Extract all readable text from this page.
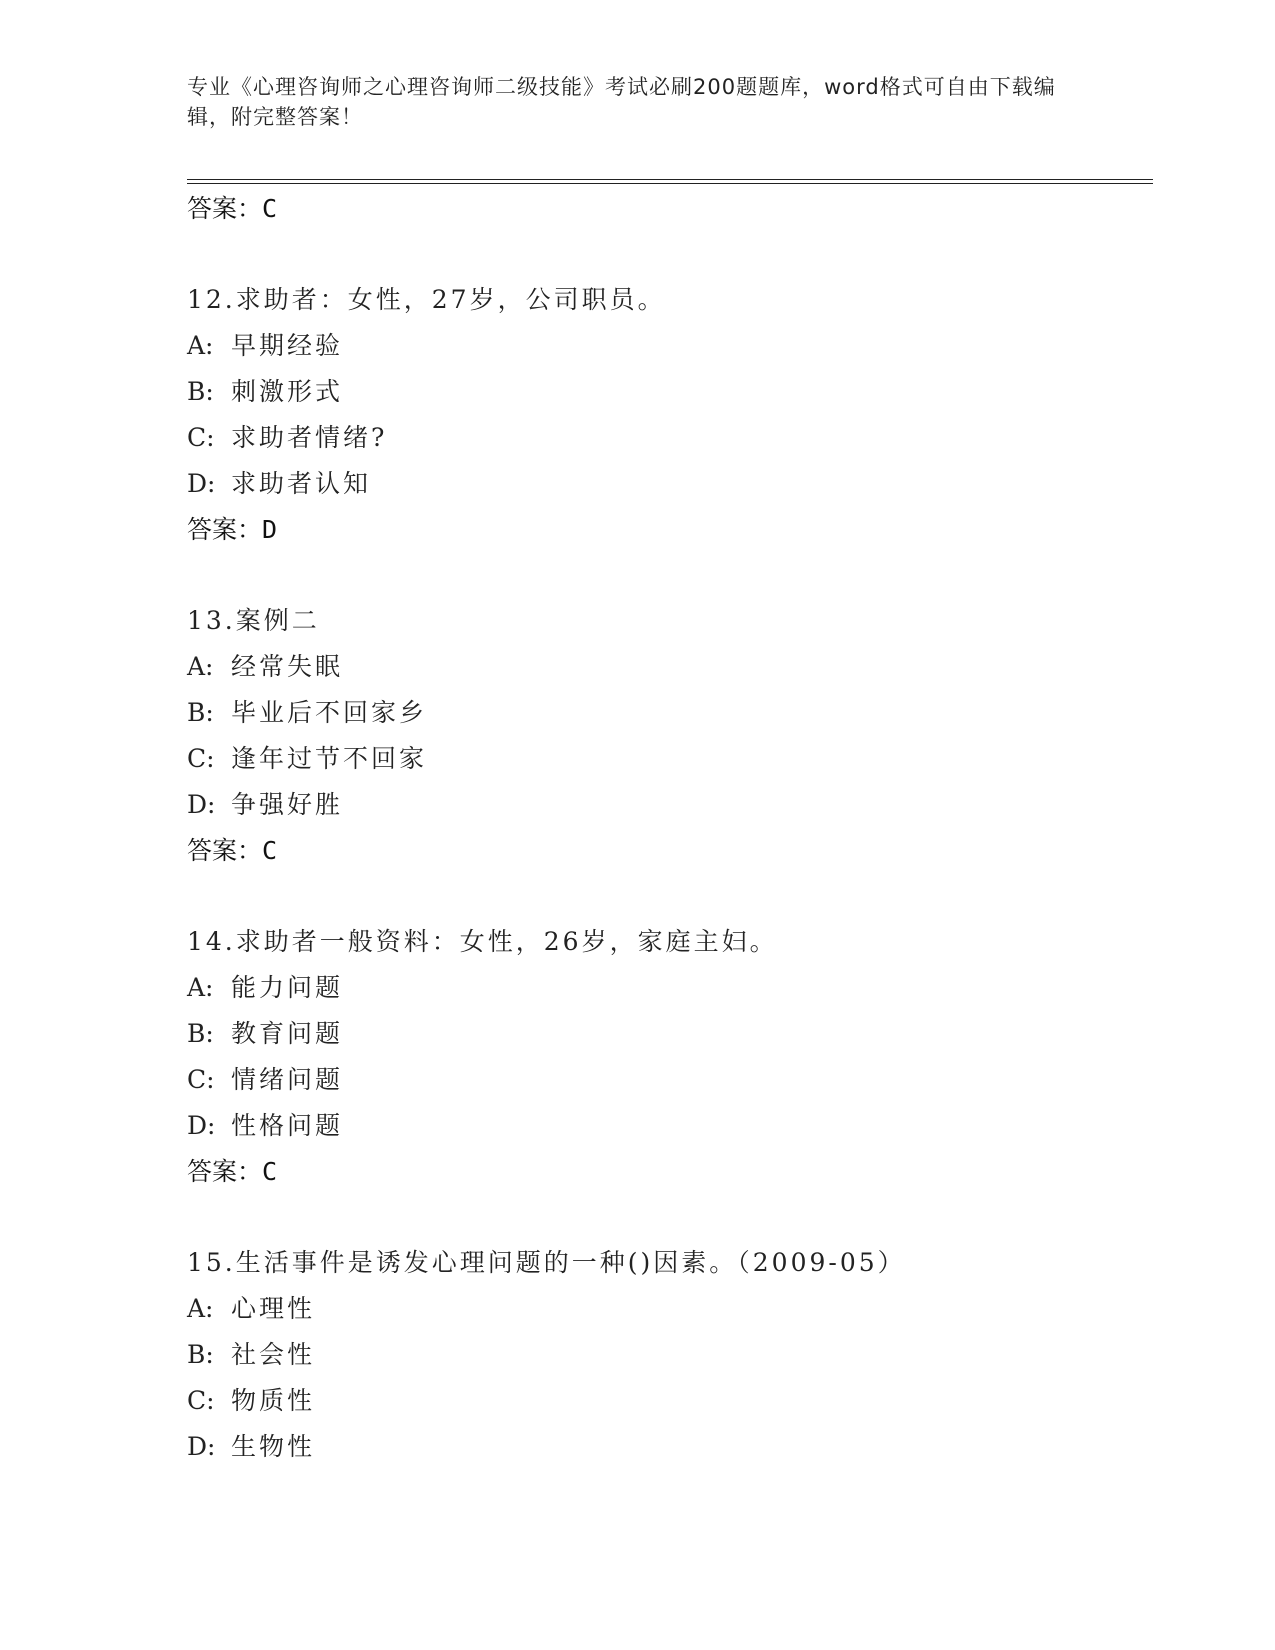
专业《心理咨询师之心理咨询师二级技能》考试必刷200题题库，word格式可自由下载编辑，附完整答案！
答案：C
12.求助者：女性，27岁，公司职员。
A: 早期经验
B: 刺激形式
C: 求助者情绪?
D: 求助者认知
答案：D
13.案例二
A: 经常失眠
B: 毕业后不回家乡
C: 逢年过节不回家
D: 争强好胜
答案：C
14.求助者一般资料：女性，26岁，家庭主妇。
A: 能力问题
B: 教育问题
C: 情绪问题
D: 性格问题
答案：C
15.生活事件是诱发心理问题的一种()因素。（2009-05）
A: 心理性
B: 社会性
C: 物质性
D: 生物性
